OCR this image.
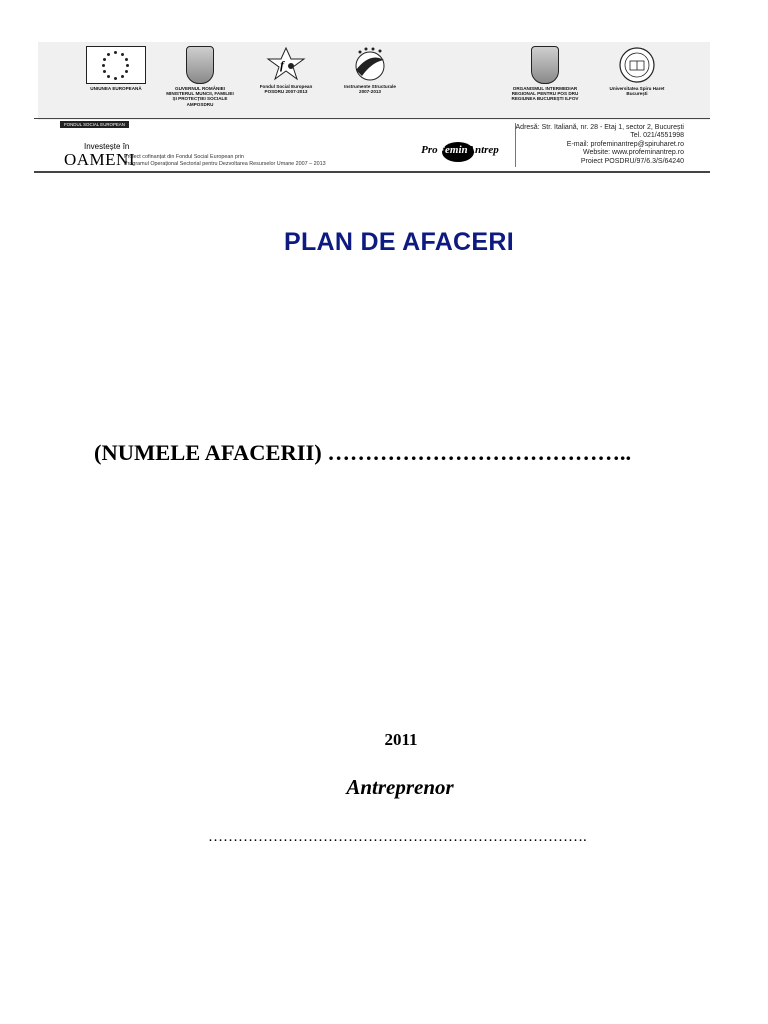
UNIUNEA EUROPEANĂ	GUVERNUL ROMÂNIEI
MINISTERUL MUNCII, FAMILIEI
ȘI PROTECȚIEI SOCIALE
AMPOSDRU
f
Fondul Social European
POSDRU 2007-2013
Instrumente Structurale
2007-2013
ORGANISMUL INTERMEDIAR
REGIONAL PENTRU POS DRU
REGIUNEA BUCUREȘTI ILFOV
Universitatea Spiru Haret
București
FONDUL SOCIAL EUROPEAN
Investește în
OAMENI
Proiect cofinanțat din Fondul Social European prin
Programul Operațional Sectorial pentru Dezvoltarea Resurselor Umane 2007 – 2013
ProFeminAntrep
Adresă: Str. Italiană, nr. 28 - Etaj 1, sector 2, București
Tel. 021/4551998
E-mail: profeminantrep@spiruharet.ro
Website: www.profeminantrep.ro
Proiect POSDRU/97/6.3/S/64240
PLAN DE AFACERI
(NUMELE AFACERII) …………………………………..
2011
Antreprenor
………………………………………………………………….
